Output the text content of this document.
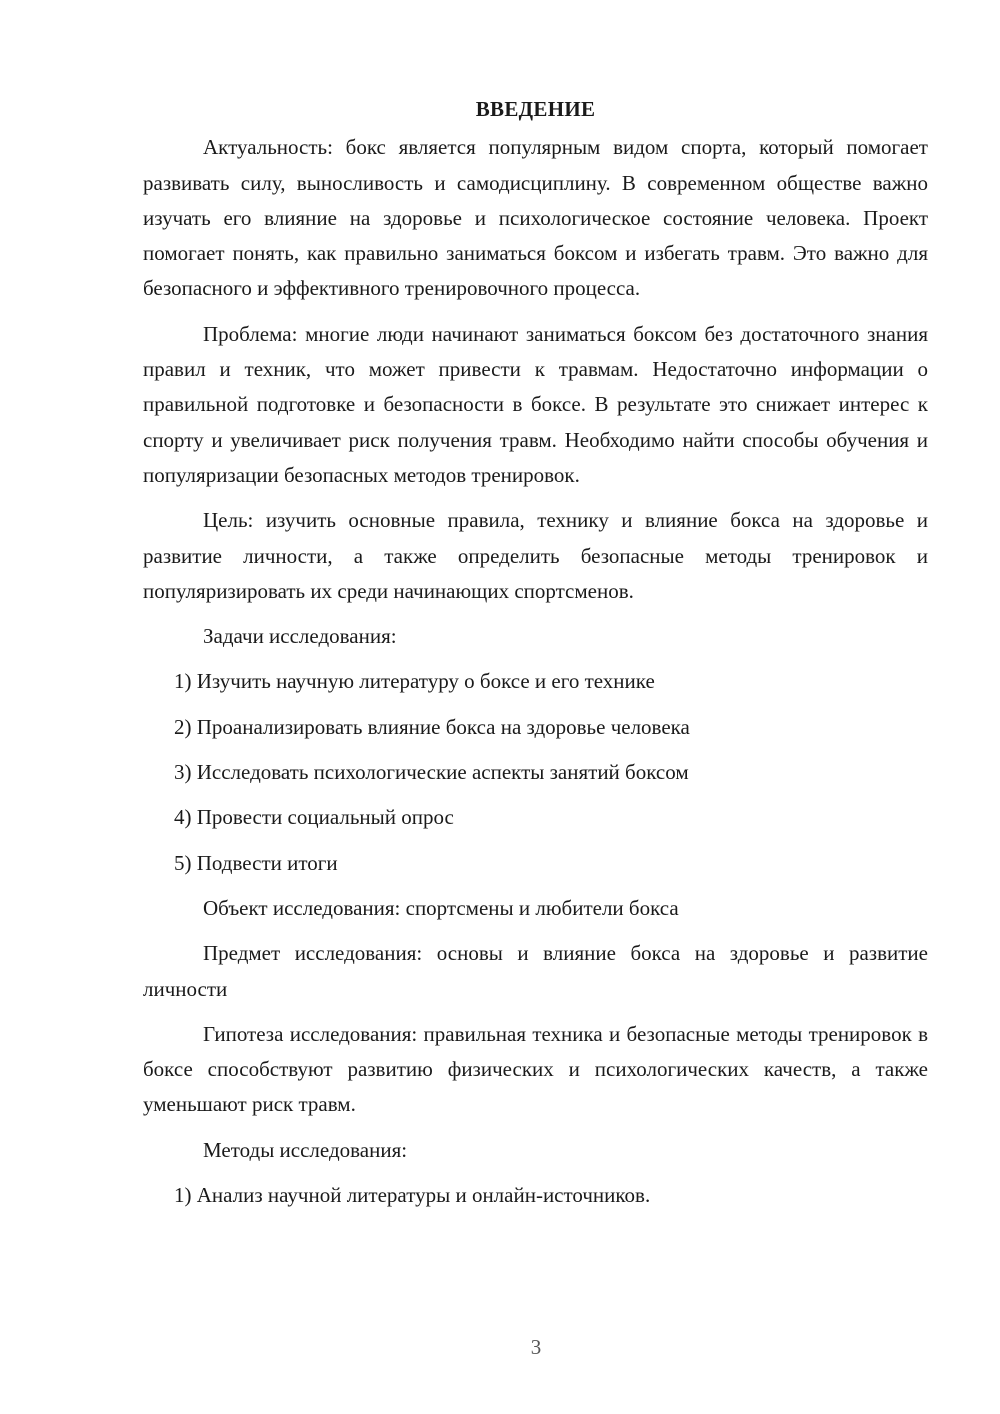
ВВЕДЕНИЕ

Актуальность: бокс является популярным видом спорта, который помогает развивать силу, выносливость и самодисциплину. В современном обществе важно изучать его влияние на здоровье и психологическое состояние человека. Проект помогает понять, как правильно заниматься боксом и избегать травм. Это важно для безопасного и эффективного тренировочного процесса.

Проблема: многие люди начинают заниматься боксом без достаточного знания правил и техник, что может привести к травмам. Недостаточно информации о правильной подготовке и безопасности в боксе. В результате это снижает интерес к спорту и увеличивает риск получения травм. Необходимо найти способы обучения и популяризации безопасных методов тренировок.

Цель: изучить основные правила, технику и влияние бокса на здоровье и развитие личности, а также определить безопасные методы тренировок и популяризировать их среди начинающих спортсменов.

Задачи исследования:

1) Изучить научную литературу о боксе и его технике

2) Проанализировать влияние бокса на здоровье человека

3) Исследовать психологические аспекты занятий боксом

4) Провести социальный опрос

5) Подвести итоги

Объект исследования: спортсмены и любители бокса

Предмет исследования: основы и влияние бокса на здоровье и развитие личности

Гипотеза исследования: правильная техника и безопасные методы тренировок в боксе способствуют развитию физических и психологических качеств, а также уменьшают риск травм.

Методы исследования:

1) Анализ научной литературы и онлайн-источников.

3
